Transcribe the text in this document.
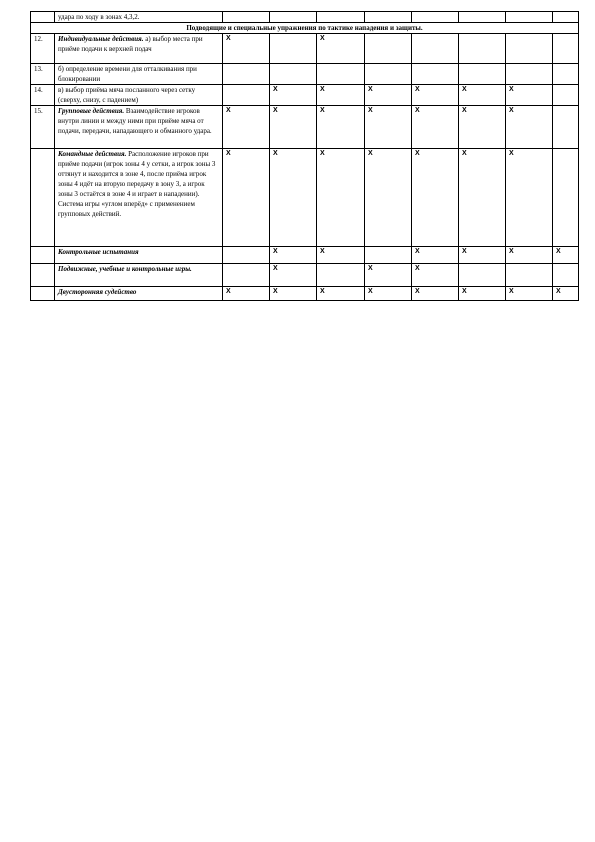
	удара по ходу в зонах 4,3,2.								
Подводящие и специальные упражнения по тактике нападения и защиты.									
12.	Индивидуальные действия. а) выбор места при приёме подачи к верхней подач	X		X					
13.	б) определение времени для отталкивания при блокировании								
14.	в) выбор приёма мяча посланного через сетку (сверху, снизу, с падением)		X	X	X	X	X	X	
15.	Групповые действия. Взаимодействие игроков внутри линии и между ними при приёме мяча от подачи, передачи, нападающего и обманного удара.	X	X	X	X	X	X	X	
	Командные действия. Расположение игроков при приёме подачи (игрок зоны 4 у сетки, а игрок зоны 3 оттянут и находится в зоне 4, после приёма игрок зоны 4 идёт на вторую передачу в зону 3, а игрок зоны 3 остаётся в зоне 4 и играет в нападении). Система игры «углом вперёд» с применением групповых действий.	X	X	X	X	X	X	X	
	Контрольные испытания		X	X		X	X	X	X
	Подвижные, учебные и контрольные игры.		X		X	X			
	Двусторонняя судейство	X	X	X	X	X	X	X	X
